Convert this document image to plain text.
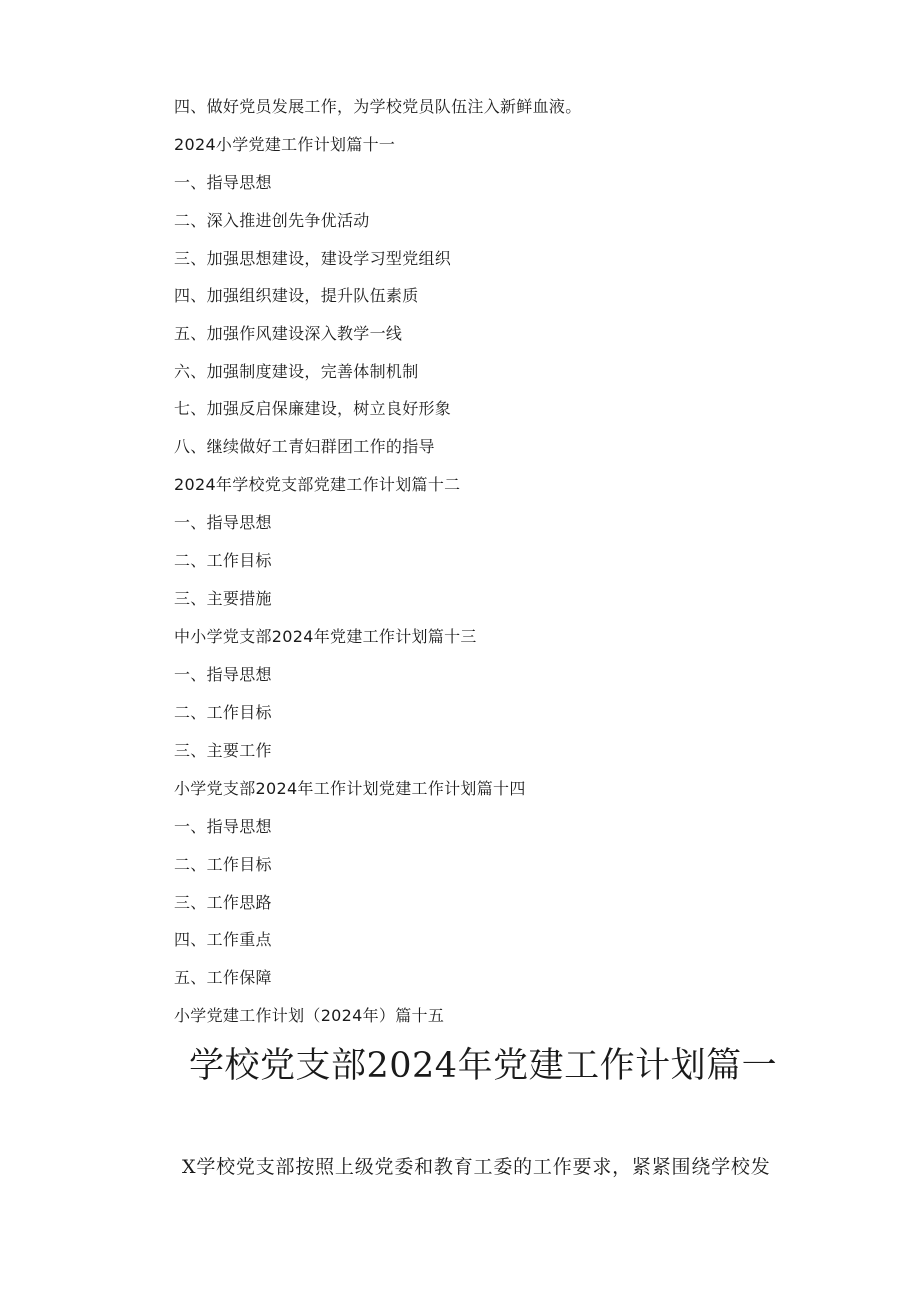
四、做好党员发展工作，为学校党员队伍注入新鲜血液。
2024小学党建工作计划篇十一
一、指导思想
二、深入推进创先争优活动
三、加强思想建设，建设学习型党组织
四、加强组织建设，提升队伍素质
五、加强作风建设深入教学一线
六、加强制度建设，完善体制机制
七、加强反启保廉建设，树立良好形象
八、继续做好工青妇群团工作的指导
2024年学校党支部党建工作计划篇十二
一、指导思想
二、工作目标
三、主要措施
中小学党支部2024年党建工作计划篇十三
一、指导思想
二、工作目标
三、主要工作
小学党支部2024年工作计划党建工作计划篇十四
一、指导思想
二、工作目标
三、工作思路
四、工作重点
五、工作保障
小学党建工作计划（2024年）篇十五
学校党支部2024年党建工作计划篇一
X学校党支部按照上级党委和教育工委的工作要求，紧紧围绕学校发
